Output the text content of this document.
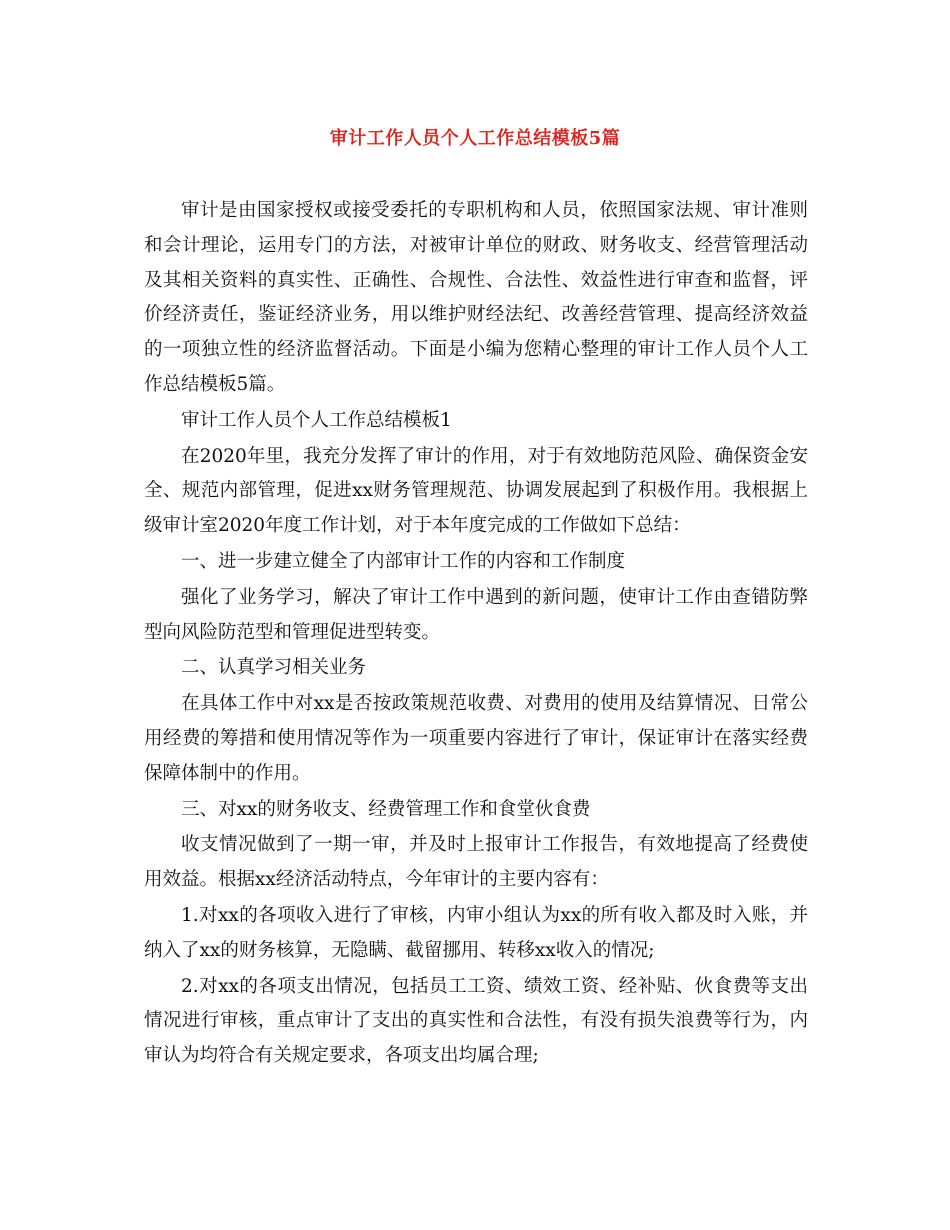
审计工作人员个人工作总结模板5篇

审计是由国家授权或接受委托的专职机构和人员，依照国家法规、审计准则和会计理论，运用专门的方法，对被审计单位的财政、财务收支、经营管理活动及其相关资料的真实性、正确性、合规性、合法性、效益性进行审查和监督，评价经济责任，鉴证经济业务，用以维护财经法纪、改善经营管理、提高经济效益的一项独立性的经济监督活动。下面是小编为您精心整理的审计工作人员个人工作总结模板5篇。

审计工作人员个人工作总结模板1

在2020年里，我充分发挥了审计的作用，对于有效地防范风险、确保资金安全、规范内部管理，促进xx财务管理规范、协调发展起到了积极作用。我根据上级审计室2020年度工作计划，对于本年度完成的工作做如下总结：

一、进一步建立健全了内部审计工作的内容和工作制度

强化了业务学习，解决了审计工作中遇到的新问题，使审计工作由查错防弊型向风险防范型和管理促进型转变。

二、认真学习相关业务

在具体工作中对xx是否按政策规范收费、对费用的使用及结算情况、日常公用经费的筹措和使用情况等作为一项重要内容进行了审计，保证审计在落实经费保障体制中的作用。

三、对xx的财务收支、经费管理工作和食堂伙食费

收支情况做到了一期一审，并及时上报审计工作报告，有效地提高了经费使用效益。根据xx经济活动特点，今年审计的主要内容有：

1.对xx的各项收入进行了审核，内审小组认为xx的所有收入都及时入账，并纳入了xx的财务核算，无隐瞒、截留挪用、转移xx收入的情况;

2.对xx的各项支出情况，包括员工工资、绩效工资、经补贴、伙食费等支出情况进行审核，重点审计了支出的真实性和合法性，有没有损失浪费等行为，内审认为均符合有关规定要求，各项支出均属合理;
